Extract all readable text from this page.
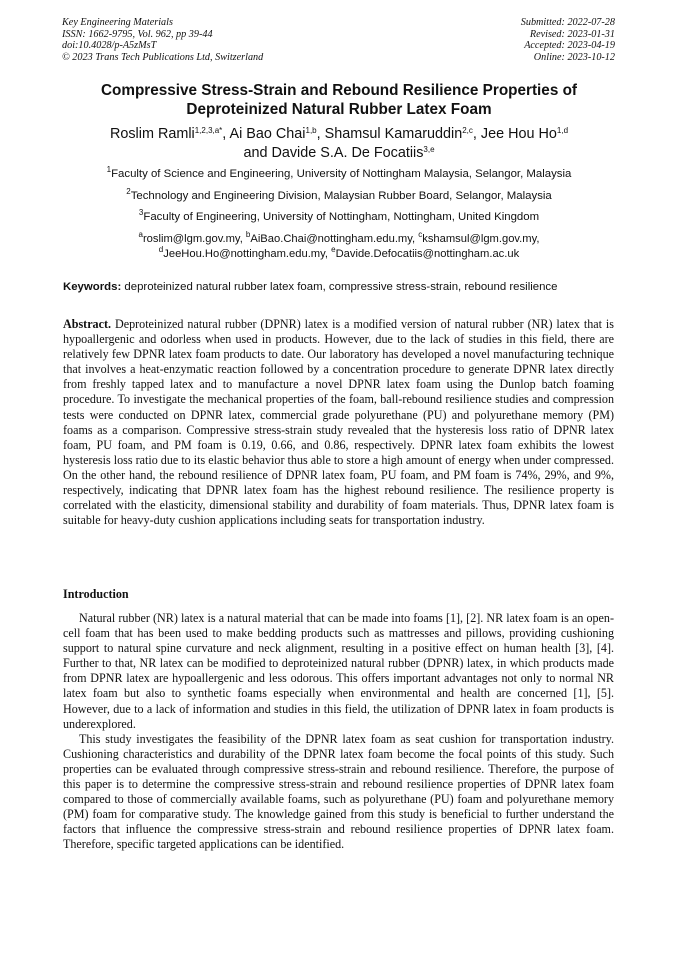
Key Engineering Materials
ISSN: 1662-9795, Vol. 962, pp 39-44
doi:10.4028/p-A5zMsT
© 2023 Trans Tech Publications Ltd, Switzerland
Submitted: 2022-07-28
Revised: 2023-01-31
Accepted: 2023-04-19
Online: 2023-10-12
Compressive Stress-Strain and Rebound Resilience Properties of
Deproteinized Natural Rubber Latex Foam
Roslim Ramli$^{1,2,3,a*}$, Ai Bao Chai$^{1,b}$, Shamsul Kamaruddin$^{2,c}$, Jee Hou Ho$^{1,d}$
and Davide S.A. De Focatiis$^{3,e}$
$^1$Faculty of Science and Engineering, University of Nottingham Malaysia, Selangor, Malaysia
$^2$Technology and Engineering Division, Malaysian Rubber Board, Selangor, Malaysia
$^3$Faculty of Engineering, University of Nottingham, Nottingham, United Kingdom
$^a$roslim@lgm.gov.my, $^b$AiBao.Chai@nottingham.edu.my, $^c$kshamsul@lgm.gov.my,
$^d$JeeHou.Ho@nottingham.edu.my, $^e$Davide.Defocatiis@nottingham.ac.uk
Keywords: deproteinized natural rubber latex foam, compressive stress-strain, rebound resilience
Abstract. Deproteinized natural rubber (DPNR) latex is a modified version of natural rubber (NR) latex that is hypoallergenic and odorless when used in products. However, due to the lack of studies in this field, there are relatively few DPNR latex foam products to date. Our laboratory has developed a novel manufacturing technique that involves a heat-enzymatic reaction followed by a concentration procedure to generate DPNR latex directly from freshly tapped latex and to manufacture a novel DPNR latex foam using the Dunlop batch foaming procedure. To investigate the mechanical properties of the foam, ball-rebound resilience studies and compression tests were conducted on DPNR latex, commercial grade polyurethane (PU) and polyurethane memory (PM) foams as a comparison. Compressive stress-strain study revealed that the hysteresis loss ratio of DPNR latex foam, PU foam, and PM foam is 0.19, 0.66, and 0.86, respectively. DPNR latex foam exhibits the lowest hysteresis loss ratio due to its elastic behavior thus able to store a high amount of energy when under compressed. On the other hand, the rebound resilience of DPNR latex foam, PU foam, and PM foam is 74%, 29%, and 9%, respectively, indicating that DPNR latex foam has the highest rebound resilience. The resilience property is correlated with the elasticity, dimensional stability and durability of foam materials. Thus, DPNR latex foam is suitable for heavy-duty cushion applications including seats for transportation industry.
Introduction

Natural rubber (NR) latex is a natural material that can be made into foams [1], [2]. NR latex foam is an open-cell foam that has been used to make bedding products such as mattresses and pillows, providing cushioning support to natural spine curvature and neck alignment, resulting in a positive effect on human health [3], [4]. Further to that, NR latex can be modified to deproteinized natural rubber (DPNR) latex, in which products made from DPNR latex are hypoallergenic and less odorous. This offers important advantages not only to normal NR latex foam but also to synthetic foams especially when environmental and health are concerned [1], [5]. However, due to a lack of information and studies in this field, the utilization of DPNR latex in foam products is underexplored.

This study investigates the feasibility of the DPNR latex foam as seat cushion for transportation industry. Cushioning characteristics and durability of the DPNR latex foam become the focal points of this study. Such properties can be evaluated through compressive stress-strain and rebound resilience. Therefore, the purpose of this paper is to determine the compressive stress-strain and rebound resilience properties of DPNR latex foam compared to those of commercially available foams, such as polyurethane (PU) foam and polyurethane memory (PM) foam for comparative study. The knowledge gained from this study is beneficial to further understand the factors that influence the compressive stress-strain and rebound resilience properties of DPNR latex foam. Therefore, specific targeted applications can be identified.
